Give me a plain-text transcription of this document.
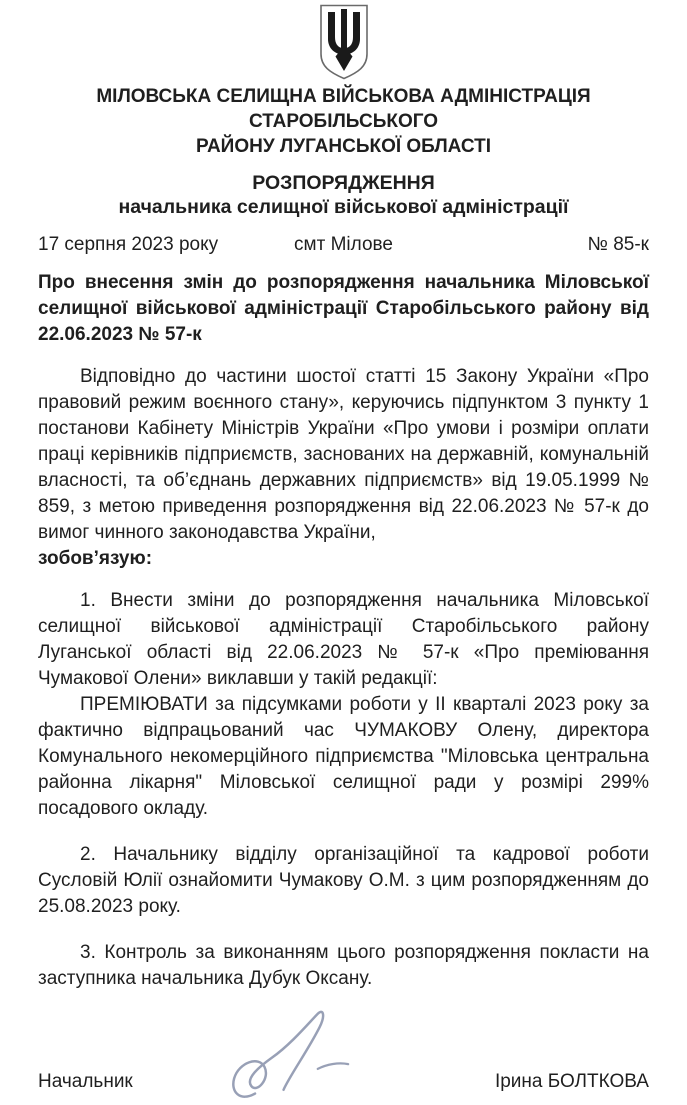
МІЛОВСЬКА СЕЛИЩНА ВІЙСЬКОВА АДМІНІСТРАЦІЯ СТАРОБІЛЬСЬКОГО
РАЙОНУ ЛУГАНСЬКОЇ ОБЛАСТІ
РОЗПОРЯДЖЕННЯ
начальника селищної військової адміністрації
17 серпня 2023 року	смт Мілове	№ 85-к

Про внесення змін до розпорядження начальника Міловської селищної військової адміністрації Старобільського району від 22.06.2023 № 57-к

Відповідно до частини шостої статті 15 Закону України «Про правовий режим воєнного стану», керуючись підпунктом 3 пункту 1 постанови Кабінету Міністрів України «Про умови і розміри оплати праці керівників підприємств, заснованих на державній, комунальній власності, та об’єднань державних підприємств» від 19.05.1999 № 859, з метою приведення розпорядження від 22.06.2023 № 57-к до вимог чинного законодавства України,

зобов’язую:

1. Внести зміни до розпорядження начальника Міловської селищної військової адміністрації Старобільського району Луганської області від 22.06.2023 № 57-к «Про преміювання Чумакової Олени» виклавши у такій редакції:

ПРЕМІЮВАТИ за підсумками роботи у ІІ кварталі 2023 року за фактично відпрацьований час ЧУМАКОВУ Олену, директора Комунального некомерційного підприємства "Міловська центральна районна лікарня" Міловської селищної ради у розмірі 299% посадового окладу.

2. Начальнику відділу організаційної та кадрової роботи Сусловій Юлії ознайомити Чумакову О.М. з цим розпорядженням до 25.08.2023 року.

3. Контроль за виконанням цього розпорядження покласти на заступника начальника Дубук Оксану.

Начальник	Ірина БОЛТКОВА
